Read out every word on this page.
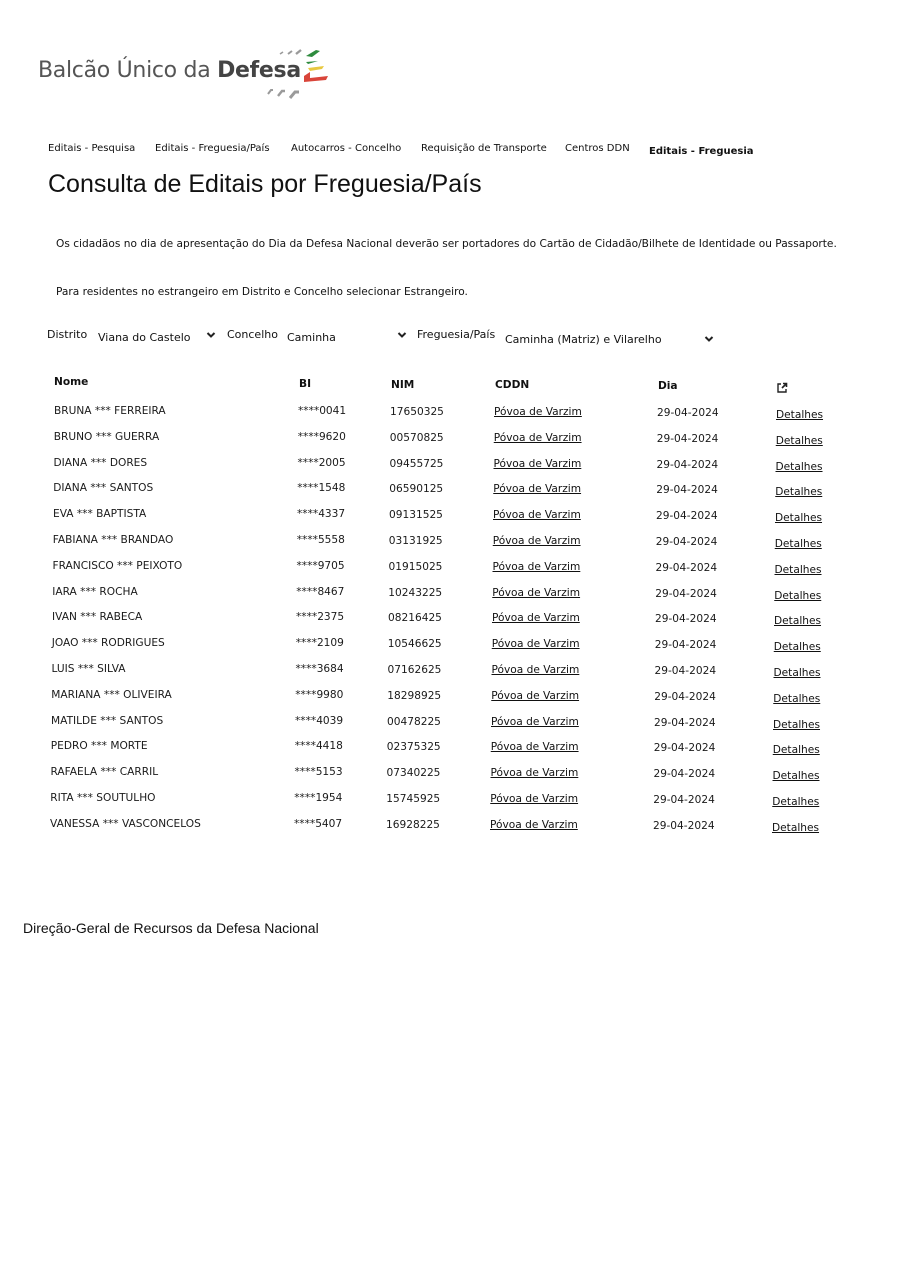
Balcão Único da Defesa
Editais - Pesquisa Editais - Freguesia/País Autocarros - Concelho Requisição de Transporte Centros DDN Editais - Freguesia
Consulta de Editais por Freguesia/País
Os cidadãos no dia de apresentação do Dia da Defesa Nacional deverão ser portadores do Cartão de Cidadão/Bilhete de Identidade ou Passaporte.
Para residentes no estrangeiro em Distrito e Concelho selecionar Estrangeiro.
Distrito Viana do Castelo	Concelho Caminha	Freguesia/País Caminha (Matriz) e Vilarelho
Nome	BI	NIM	CDDN	Dia
BRUNA *** FERREIRA	****0041	17650325	Póvoa de Varzim	29-04-2024	Detalhes
BRUNO *** GUERRA	****9620	00570825	Póvoa de Varzim	29-04-2024	Detalhes
DIANA *** DORES	****2005	09455725	Póvoa de Varzim	29-04-2024	Detalhes
DIANA *** SANTOS	****1548	06590125	Póvoa de Varzim	29-04-2024	Detalhes
EVA *** BAPTISTA	****4337	09131525	Póvoa de Varzim	29-04-2024	Detalhes
FABIANA *** BRANDAO	****5558	03131925	Póvoa de Varzim	29-04-2024	Detalhes
FRANCISCO *** PEIXOTO	****9705	01915025	Póvoa de Varzim	29-04-2024	Detalhes
IARA *** ROCHA	****8467	10243225	Póvoa de Varzim	29-04-2024	Detalhes
IVAN *** RABECA	****2375	08216425	Póvoa de Varzim	29-04-2024	Detalhes
JOAO *** RODRIGUES	****2109	10546625	Póvoa de Varzim	29-04-2024	Detalhes
LUIS *** SILVA	****3684	07162625	Póvoa de Varzim	29-04-2024	Detalhes
MARIANA *** OLIVEIRA	****9980	18298925	Póvoa de Varzim	29-04-2024	Detalhes
MATILDE *** SANTOS	****4039	00478225	Póvoa de Varzim	29-04-2024	Detalhes
PEDRO *** MORTE	****4418	02375325	Póvoa de Varzim	29-04-2024	Detalhes
RAFAELA *** CARRIL	****5153	07340225	Póvoa de Varzim	29-04-2024	Detalhes
RITA *** SOUTULHO	****1954	15745925	Póvoa de Varzim	29-04-2024	Detalhes
VANESSA *** VASCONCELOS	****5407	16928225	Póvoa de Varzim	29-04-2024	Detalhes
Direção-Geral de Recursos da Defesa Nacional
